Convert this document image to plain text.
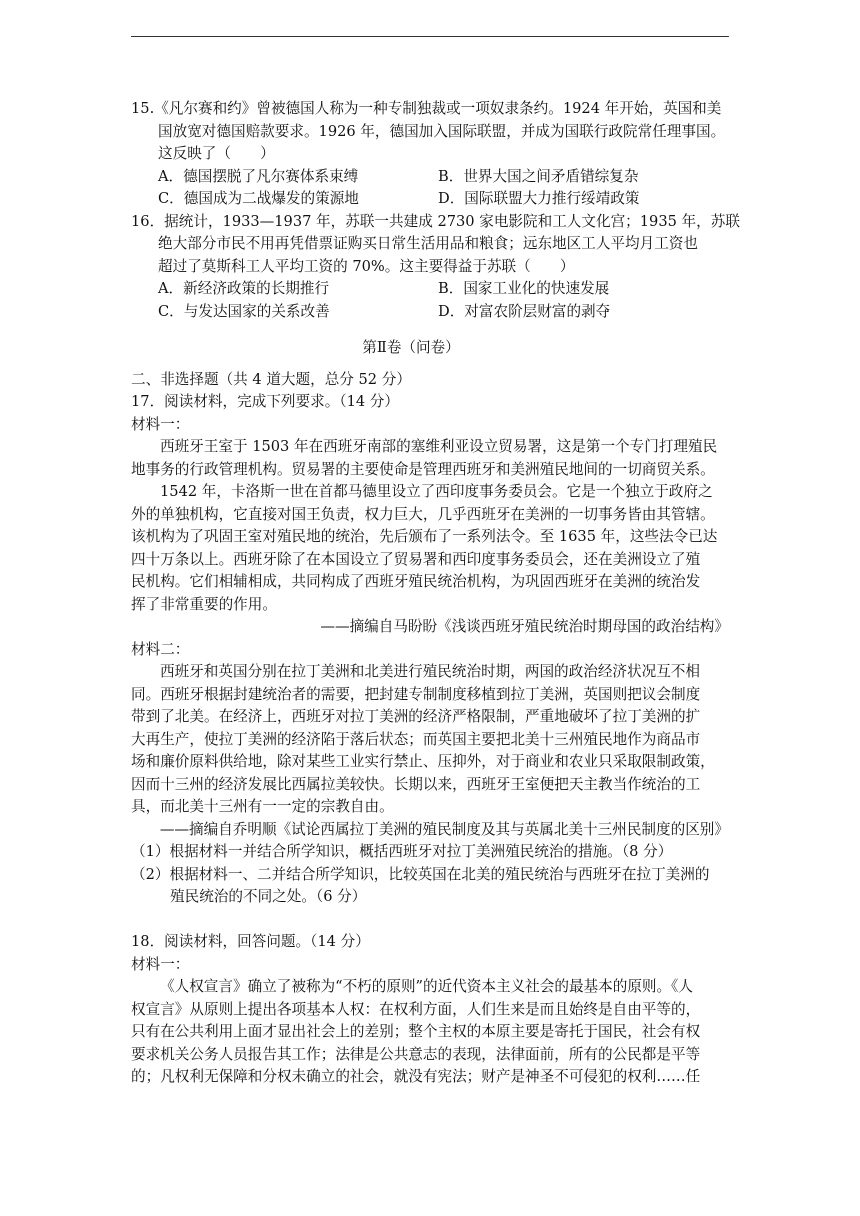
15.《凡尔赛和约》曾被德国人称为一种专制独裁或一项奴隶条约。1924 年开始，英国和美
国放宽对德国赔款要求。1926 年，德国加入国际联盟，并成为国联行政院常任理事国。
这反映了（　　）
A．德国摆脱了凡尔赛体系束缚	B．世界大国之间矛盾错综复杂
C．德国成为二战爆发的策源地	D．国际联盟大力推行绥靖政策
16．据统计，1933—1937 年，苏联一共建成 2730 家电影院和工人文化宫；1935 年，苏联
绝大部分市民不用再凭借票证购买日常生活用品和粮食；远东地区工人平均月工资也
超过了莫斯科工人平均工资的 70%。这主要得益于苏联（　　）
A．新经济政策的长期推行	B．国家工业化的快速发展
C．与发达国家的关系改善	D．对富农阶层财富的剥夺
第Ⅱ卷（问卷）
二、非选择题（共 4 道大题，总分 52 分）
17．阅读材料，完成下列要求。（14 分）
材料一：
西班牙王室于 1503 年在西班牙南部的塞维利亚设立贸易署，这是第一个专门打理殖民
地事务的行政管理机构。贸易署的主要使命是管理西班牙和美洲殖民地间的一切商贸关系。
1542 年，卡洛斯一世在首都马德里设立了西印度事务委员会。它是一个独立于政府之
外的单独机构，它直接对国王负责，权力巨大，几乎西班牙在美洲的一切事务皆由其管辖。
该机构为了巩固王室对殖民地的统治，先后颁布了一系列法令。至 1635 年，这些法令已达
四十万条以上。西班牙除了在本国设立了贸易署和西印度事务委员会，还在美洲设立了殖
民机构。它们相辅相成，共同构成了西班牙殖民统治机构，为巩固西班牙在美洲的统治发
挥了非常重要的作用。
——摘编自马盼盼《浅谈西班牙殖民统治时期母国的政治结构》
材料二：
西班牙和英国分别在拉丁美洲和北美进行殖民统治时期，两国的政治经济状况互不相
同。西班牙根据封建统治者的需要，把封建专制制度移植到拉丁美洲，英国则把议会制度
带到了北美。在经济上，西班牙对拉丁美洲的经济严格限制，严重地破坏了拉丁美洲的扩
大再生产，使拉丁美洲的经济陷于落后状态；而英国主要把北美十三州殖民地作为商品市
场和廉价原料供给地，除对某些工业实行禁止、压抑外，对于商业和农业只采取限制政策，
因而十三州的经济发展比西属拉美较快。长期以来，西班牙王室便把天主教当作统治的工
具，而北美十三州有一一定的宗教自由。
——摘编自乔明顺《试论西属拉丁美洲的殖民制度及其与英属北美十三州民制度的区别》
（1）根据材料一并结合所学知识，概括西班牙对拉丁美洲殖民统治的措施。（8 分）
（2）根据材料一、二并结合所学知识，比较英国在北美的殖民统治与西班牙在拉丁美洲的
殖民统治的不同之处。（6 分）
18．阅读材料，回答问题。（14 分）
材料一：
《人权宣言》确立了被称为“不朽的原则”的近代资本主义社会的最基本的原则。《人
权宣言》从原则上提出各项基本人权：在权利方面，人们生来是而且始终是自由平等的，
只有在公共利用上面才显出社会上的差别；整个主权的本原主要是寄托于国民，社会有权
要求机关公务人员报告其工作；法律是公共意志的表现，法律面前，所有的公民都是平等
的；凡权利无保障和分权未确立的社会，就没有宪法；财产是神圣不可侵犯的权利……任
